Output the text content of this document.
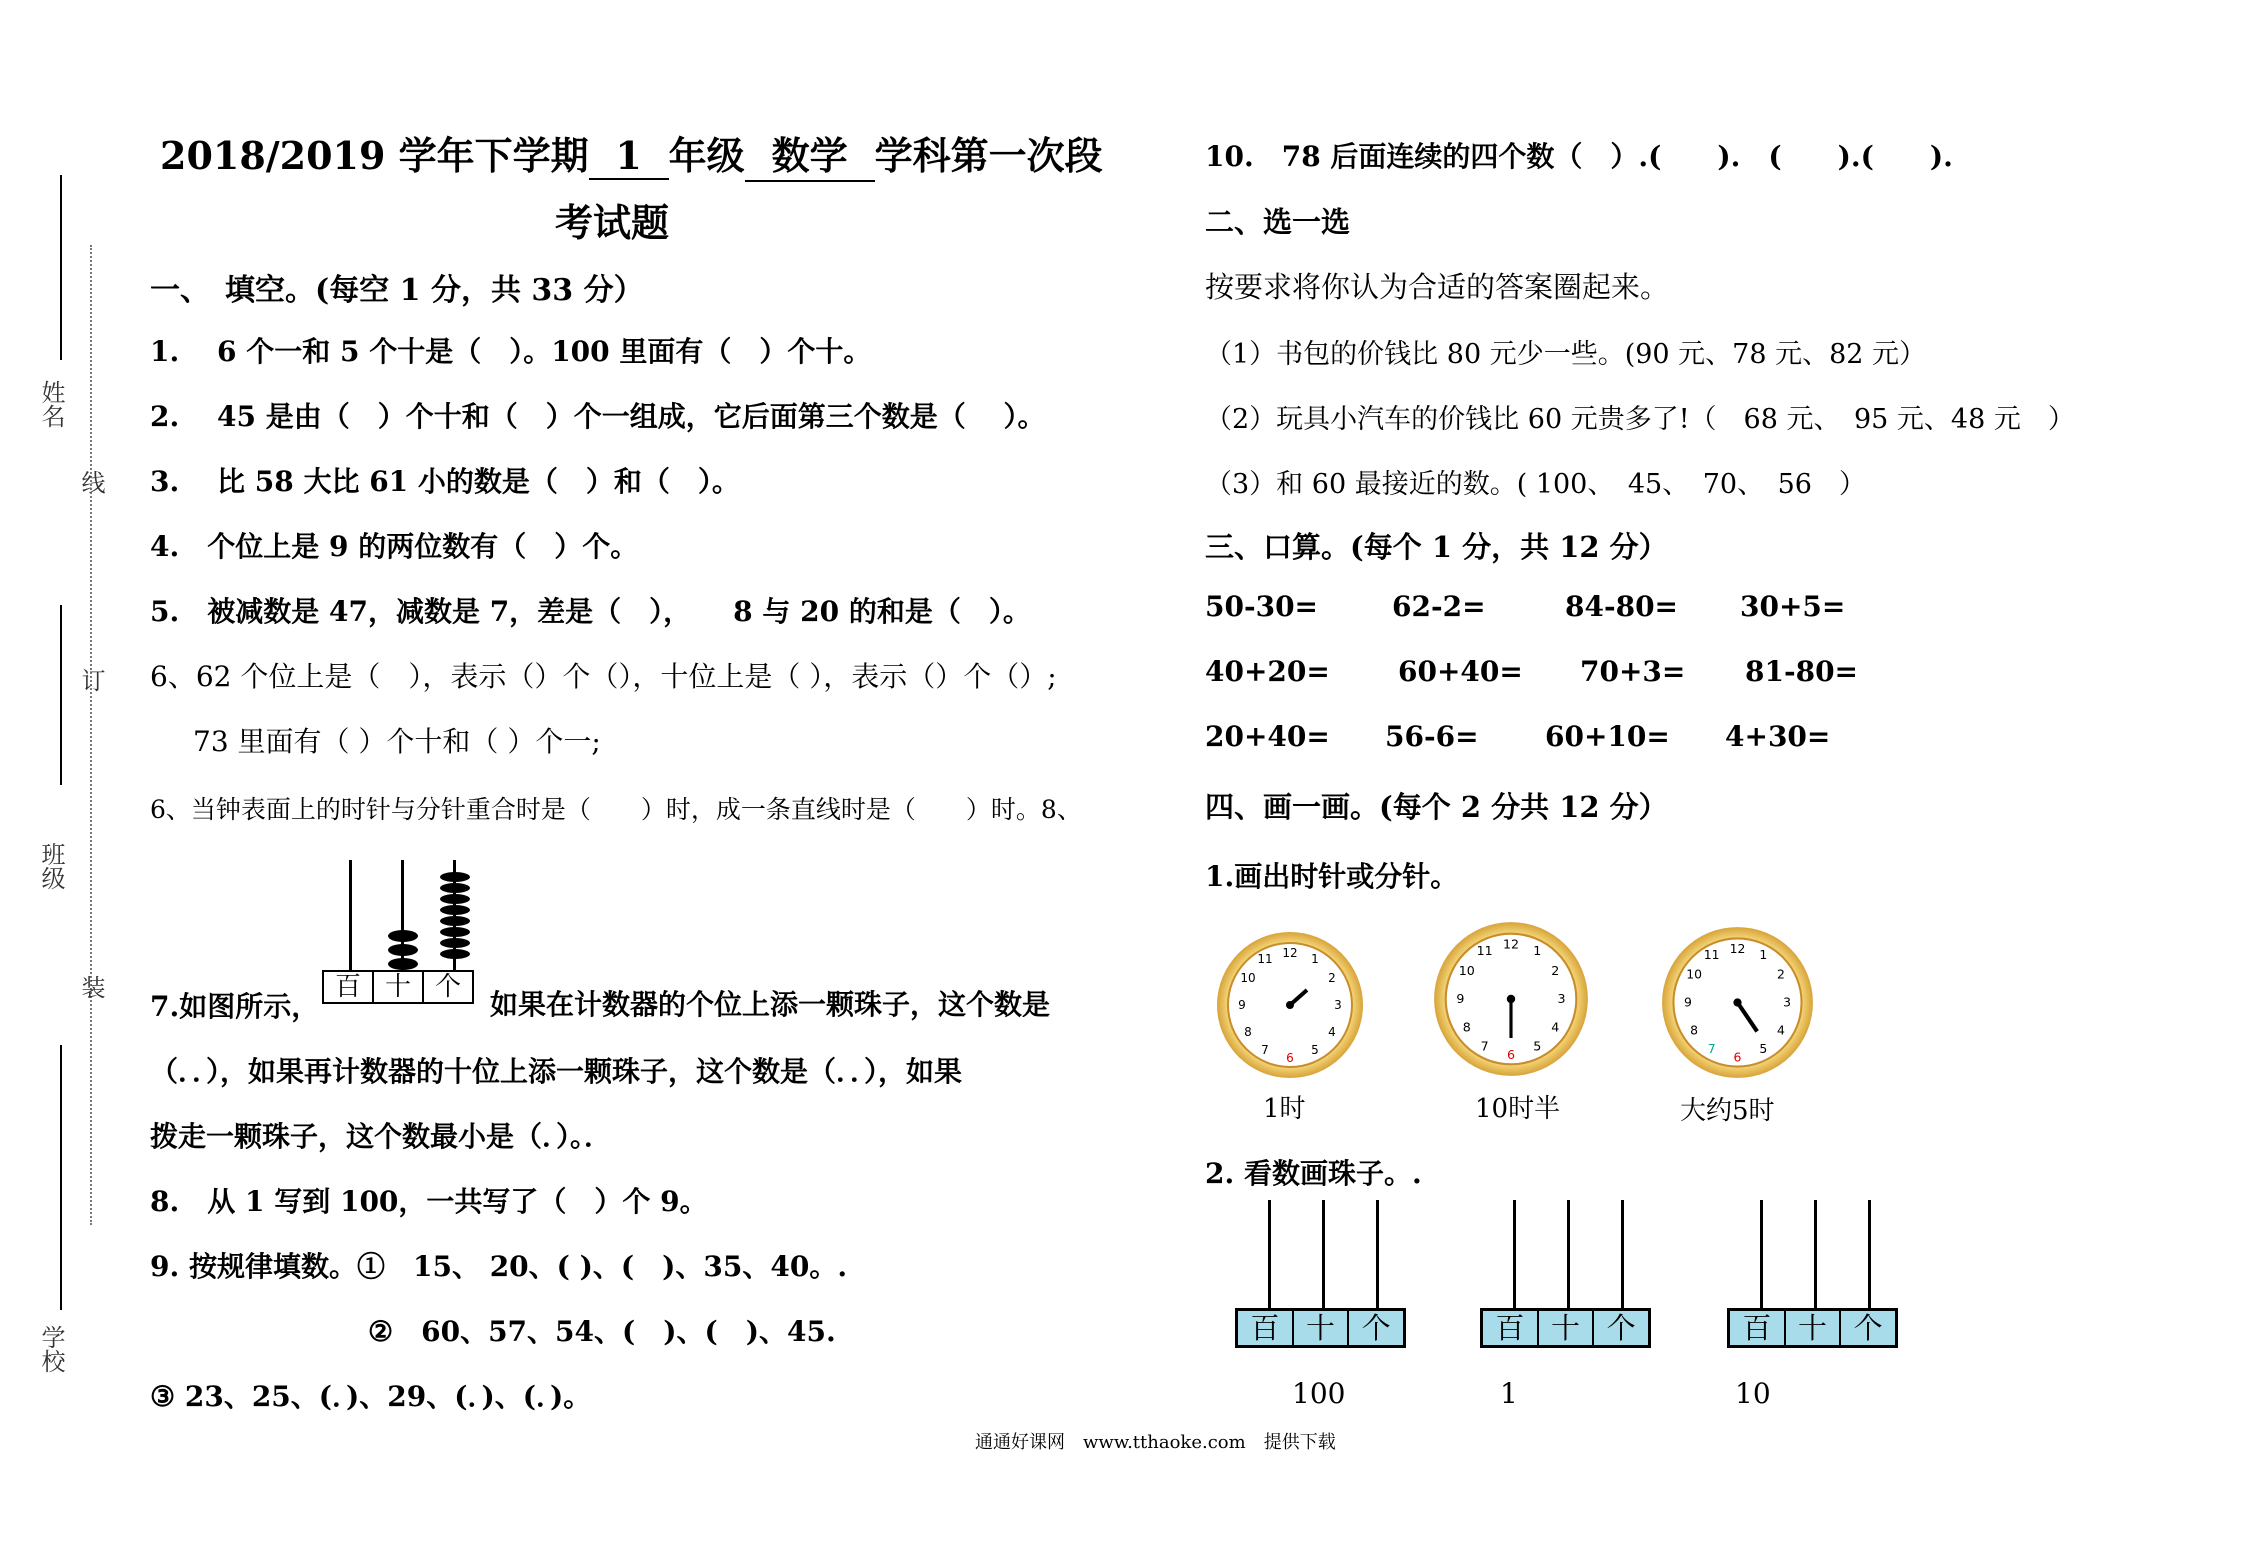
姓名
班级
学校
线
订
装
2018/2019 学年下学期 1 年级 数学 学科第一次段
考试题
一、　填空。(每空 1 分，共 33 分）
1.　 6 个一和 5 个十是（　）。100 里面有（　）个十。
2.　 45 是由（　）个十和（　）个一组成，它后面第三个数是（　 ）。
3.　 比 58 大比 61 小的数是（　）和（　）。
4.　个位上是 9 的两位数有（　）个。
5.　被减数是 47，减数是 7，差是（　），　　8 与 20 的和是（　）。
6、62 个位上是（　），表示（）个（），十位上是（ ），表示（）个（）;
73 里面有（ ）个十和（ ）个一;
6、当钟表面上的时针与分针重合时是（　　）时，成一条直线时是（　　）时。8、
百 十 个
7.如图所示，	如果在计数器的个位上添一颗珠子，这个数是
（．．），如果再计数器的十位上添一颗珠子，这个数是（．．），如果
拨走一颗珠子，这个数最小是（．）。．
8.　从 1 写到 100，一共写了（　）个 9。
9. 按规律填数。①　15、 20、( )、(　)、35、40。.
②　60、57、54、(　)、(　)、45.
③ 23、25、(．)、29、(．)、(．)。
10.　78 后面连续的四个数（　）.(　　).　(　　).(　　).
二、选一选
按要求将你认为合适的答案圈起来。
（1）书包的价钱比 80 元少一些。(90 元、78 元、82 元）
（2）玩具小汽车的价钱比 60 元贵多了!（　68 元、　95 元、48 元　）
（3）和 60 最接近的数。( 100、　45、　70、　56　）
三、口算。(每个 1 分，共 12 分）
50-30=	62-2=	84-80= 30+5=
40+20= 60+40= 70+3= 81-80=
20+40= 56-6= 60+10= 4+30=
四、画一画。(每个 2 分共 12 分）
1.画出时针或分针。
12 1
2
3
4
5
6
7
8
9
10
11
12 1
2
3
4
5
6
7
8
9
10
11	12 1
2
3
4
5
6
7
8
9
10
11
1时	10时半	大约5时
2. 看数画珠子。.
百 十 个	百 十 个	百 十 个
100	1	10
通通好课网　www.tthaoke.com　提供下载
